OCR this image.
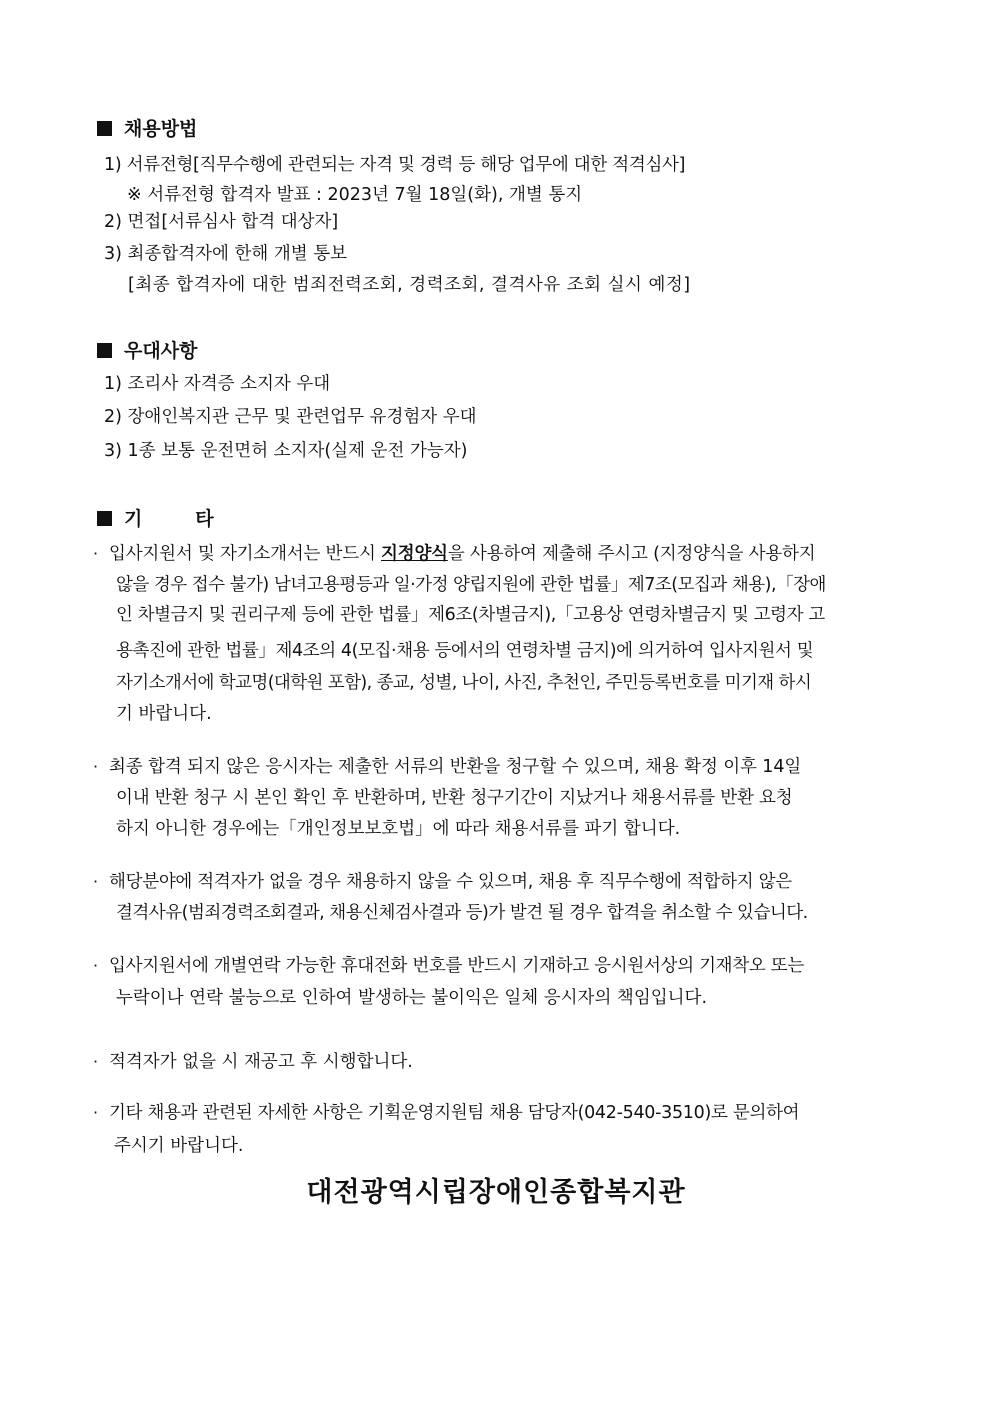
채용방법
1) 서류전형[직무수행에 관련되는 자격 및 경력 등 해당 업무에 대한 적격심사]
※ 서류전형 합격자 발표 : 2023년 7월 18일(화), 개별 통지
2) 면접[서류심사 합격 대상자]
3) 최종합격자에 한해 개별 통보
[최종 합격자에 대한 범죄전력조회, 경력조회, 결격사유 조회 실시 예정]
우대사항
1) 조리사 자격증 소지자 우대
2) 장애인복지관 근무 및 관련업무 유경험자 우대
3) 1종 보통 운전면허 소지자(실제 운전 가능자)
기        타
· 입사지원서 및 자기소개서는 반드시 지정양식을 사용하여 제출해 주시고 (지정양식을 사용하지
않을 경우 접수 불가) 남녀고용평등과 일·가정 양립지원에 관한 법률」제7조(모집과 채용),「장애
인 차별금지 및 권리구제 등에 관한 법률」제6조(차별금지),「고용상 연령차별금지 및 고령자 고
용촉진에 관한 법률」제4조의 4(모집·채용 등에서의 연령차별 금지)에 의거하여 입사지원서 및
자기소개서에 학교명(대학원 포함), 종교, 성별, 나이, 사진, 추천인, 주민등록번호를 미기재 하시
기 바랍니다.
· 최종 합격 되지 않은 응시자는 제출한 서류의 반환을 청구할 수 있으며, 채용 확정 이후 14일
이내 반환 청구 시 본인 확인 후 반환하며, 반환 청구기간이 지났거나 채용서류를 반환 요청
하지 아니한 경우에는「개인정보보호법」에 따라 채용서류를 파기 합니다.
· 해당분야에 적격자가 없을 경우 채용하지 않을 수 있으며, 채용 후 직무수행에 적합하지 않은
결격사유(범죄경력조회결과, 채용신체검사결과 등)가 발견 될 경우 합격을 취소할 수 있습니다.
· 입사지원서에 개별연락 가능한 휴대전화 번호를 반드시 기재하고 응시원서상의 기재착오 또는
누락이나 연락 불능으로 인하여 발생하는 불이익은 일체 응시자의 책임입니다.
· 적격자가 없을 시 재공고 후 시행합니다.
· 기타 채용과 관련된 자세한 사항은 기획운영지원팀 채용 담당자(042-540-3510)로 문의하여
주시기 바랍니다.
대전광역시립장애인종합복지관
